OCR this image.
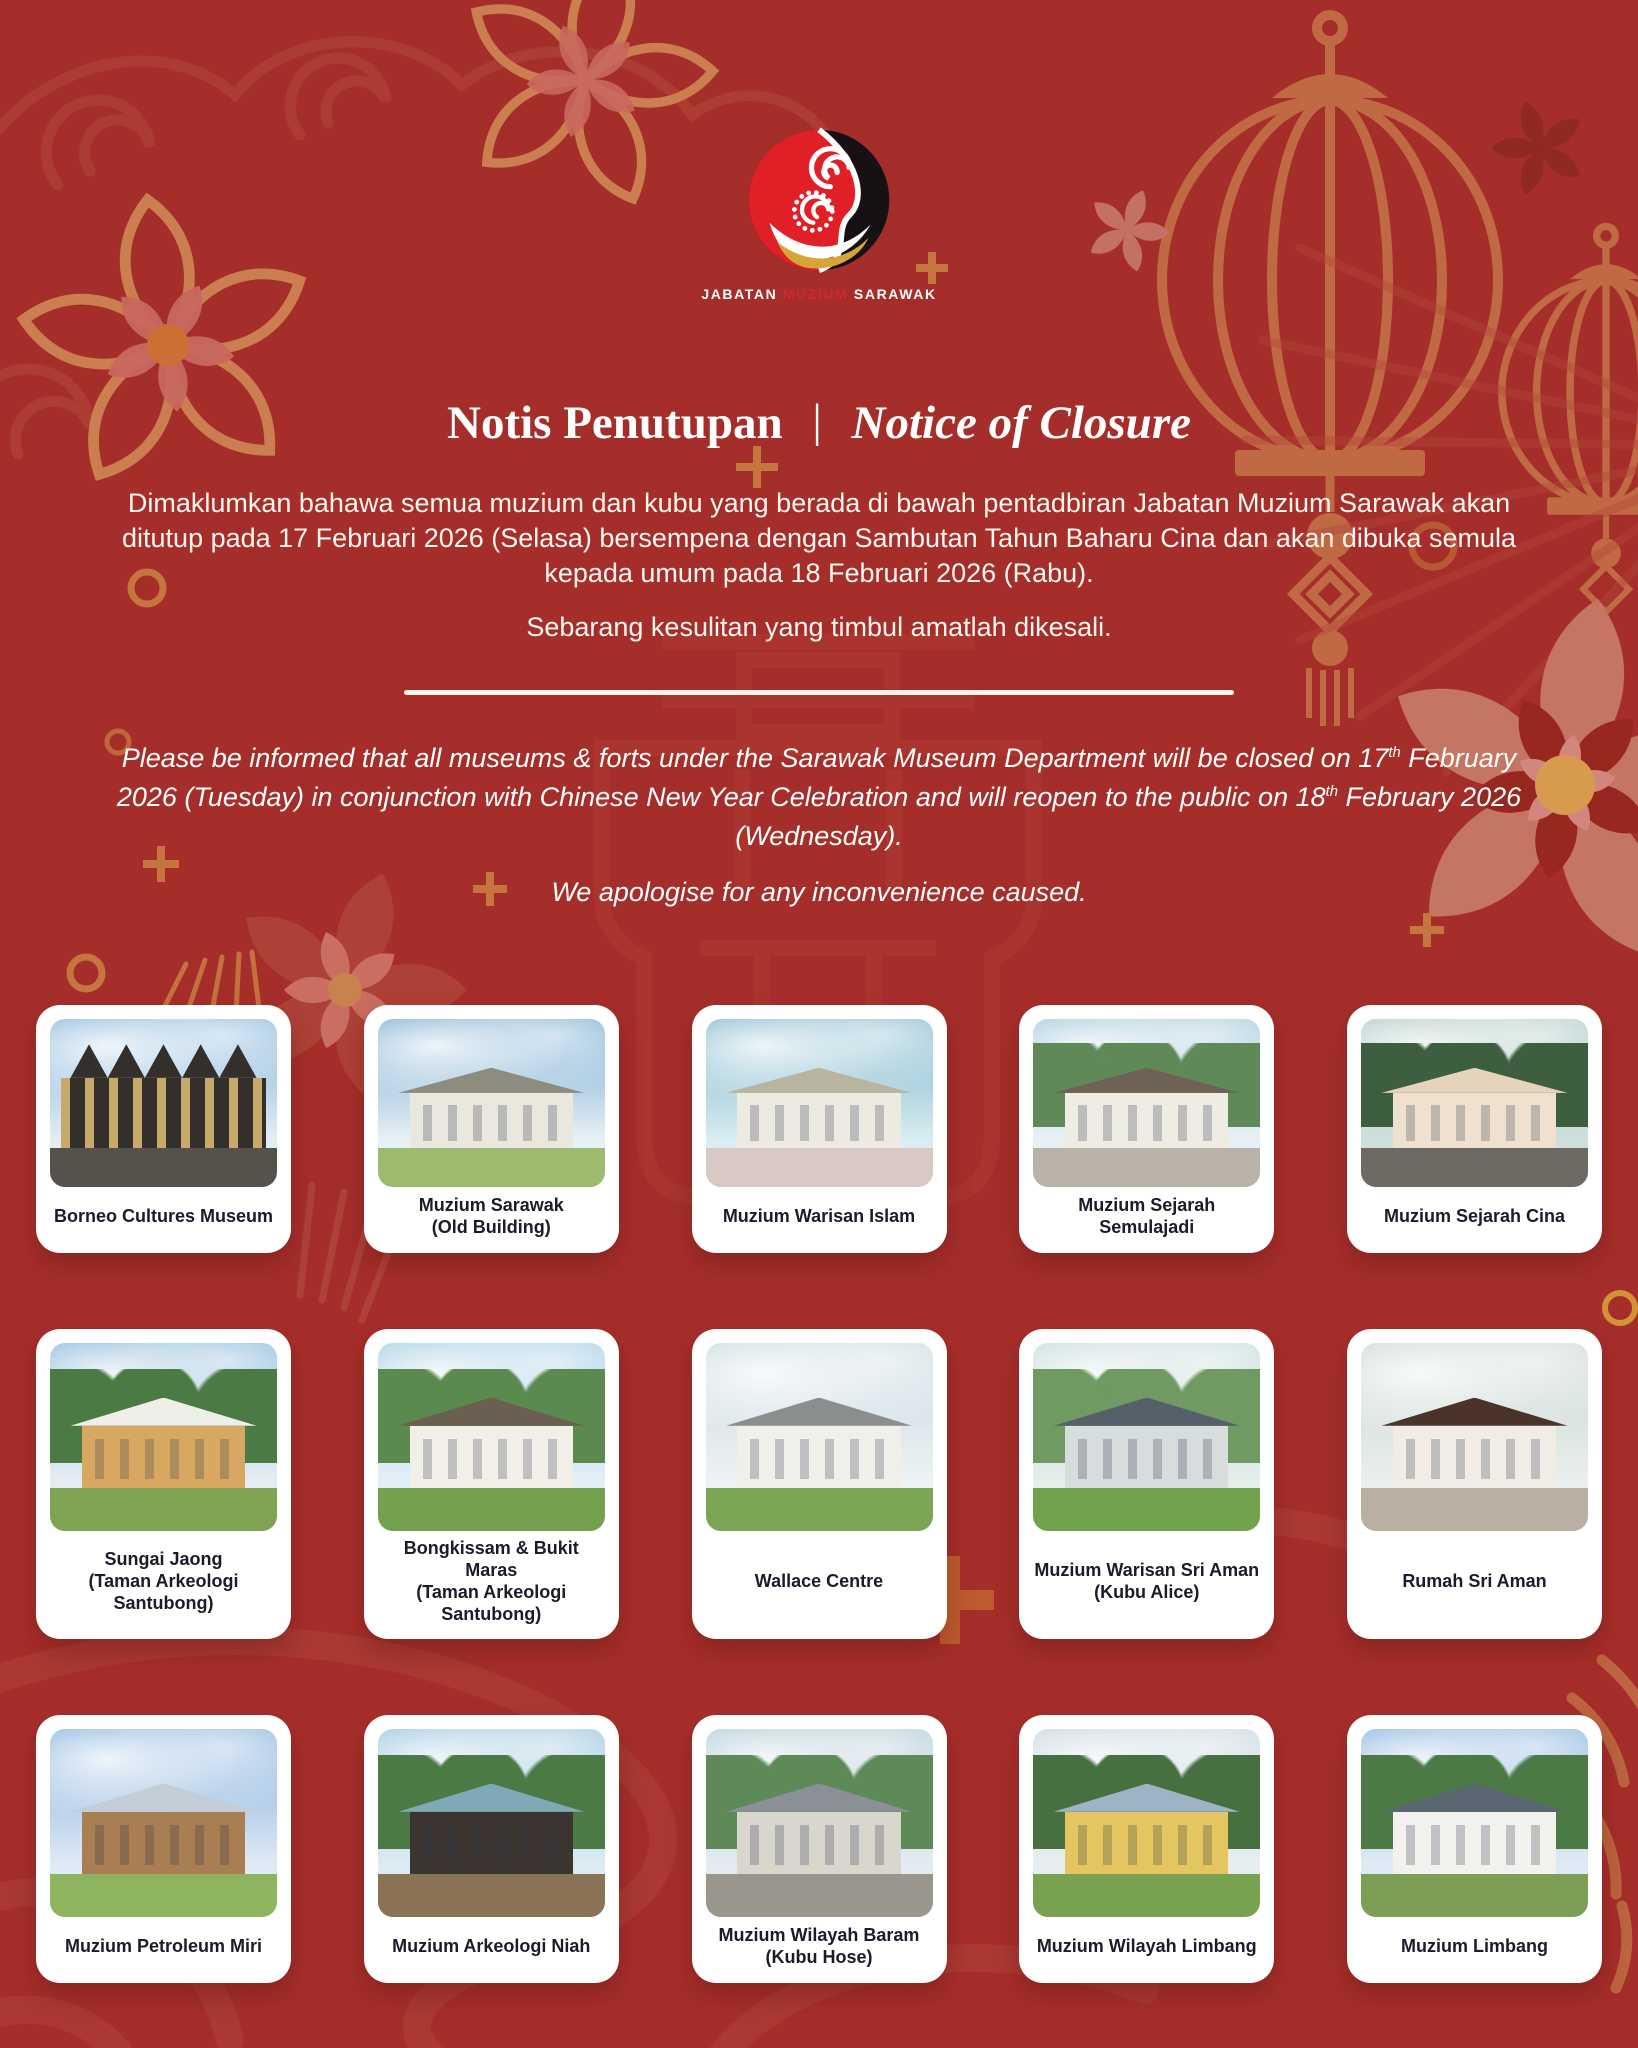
JABATAN MUZIUM SARAWAK
Notis Penutupan | Notice of Closure

Dimaklumkan bahawa semua muzium dan kubu yang berada di bawah pentadbiran Jabatan Muzium Sarawak akan ditutup pada 17 Februari 2026 (Selasa) bersempena dengan Sambutan Tahun Baharu Cina dan akan dibuka semula kepada umum pada 18 Februari 2026 (Rabu).

Sebarang kesulitan yang timbul amatlah dikesali.

Please be informed that all museums & forts under the Sarawak Museum Department will be closed on 17th February 2026 (Tuesday) in conjunction with Chinese New Year Celebration and will reopen to the public on 18th February 2026 (Wednesday).

We apologise for any inconvenience caused.

Borneo Cultures Museum
Muzium Sarawak
(Old Building)
Muzium Warisan Islam
Muzium Sejarah Semulajadi
Muzium Sejarah Cina
Sungai Jaong
(Taman Arkeologi Santubong)
Bongkissam & Bukit Maras
(Taman Arkeologi Santubong)
Wallace Centre
Muzium Warisan Sri Aman
(Kubu Alice)
Rumah Sri Aman
Muzium Petroleum Miri	Muzium Arkeologi Niah
Muzium Wilayah Baram
(Kubu Hose)
Muzium Wilayah Limbang	Muzium Limbang
